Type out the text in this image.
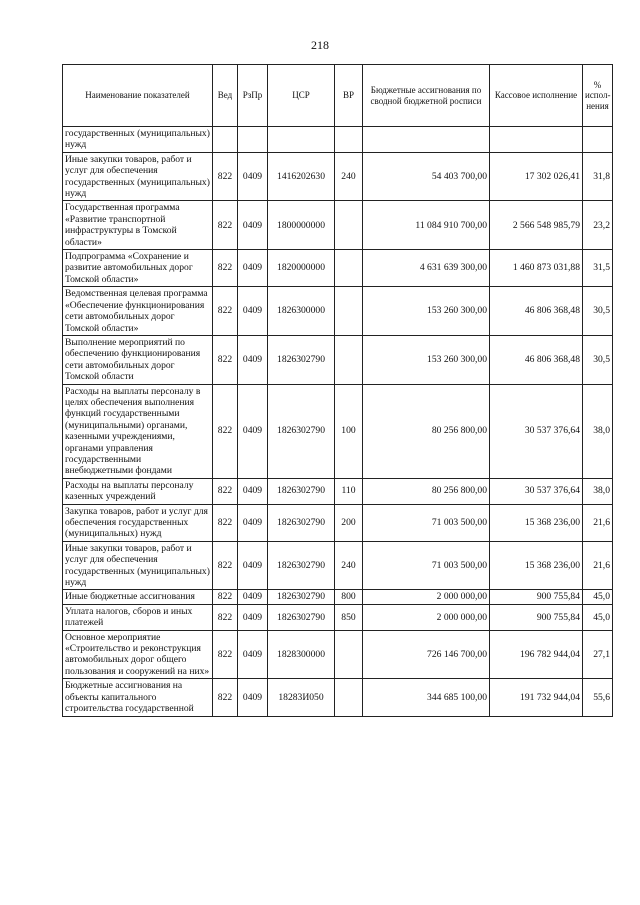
218
Наименование показателей	Вед	РзПр	ЦСР	ВР	Бюджетные ассигнования по сводной бюджетной росписи	Кассовое исполнение	% испол-нения
государственных (муниципальных) нужд							
Иные закупки товаров, работ и услуг для обеспечения государственных (муниципальных) нужд	822	0409	1416202630	240	54 403 700,00	17 302 026,41	31,8
Государственная программа «Развитие транспортной инфраструктуры в Томской области»	822	0409	1800000000		11 084 910 700,00	2 566 548 985,79	23,2
Подпрограмма «Сохранение и развитие автомобильных дорог Томской области»	822	0409	1820000000		4 631 639 300,00	1 460 873 031,88	31,5
Ведомственная целевая программа «Обеспечение функционирования сети автомобильных дорог Томской области»	822	0409	1826300000		153 260 300,00	46 806 368,48	30,5
Выполнение мероприятий по обеспечению функционирования сети автомобильных дорог Томской области	822	0409	1826302790		153 260 300,00	46 806 368,48	30,5
Расходы на выплаты персоналу в целях обеспечения выполнения функций государственными (муниципальными) органами, казенными учреждениями, органами управления государственными внебюджетными фондами	822	0409	1826302790	100	80 256 800,00	30 537 376,64	38,0
Расходы на выплаты персоналу казенных учреждений	822	0409	1826302790	110	80 256 800,00	30 537 376,64	38,0
Закупка товаров, работ и услуг для обеспечения государственных (муниципальных) нужд	822	0409	1826302790	200	71 003 500,00	15 368 236,00	21,6
Иные закупки товаров, работ и услуг для обеспечения государственных (муниципальных) нужд	822	0409	1826302790	240	71 003 500,00	15 368 236,00	21,6
Иные бюджетные ассигнования	822	0409	1826302790	800	2 000 000,00	900 755,84	45,0
Уплата налогов, сборов и иных платежей	822	0409	1826302790	850	2 000 000,00	900 755,84	45,0
Основное мероприятие «Строительство и реконструкция автомобильных дорог общего пользования и сооружений на них»	822	0409	1828300000		726 146 700,00	196 782 944,04	27,1
Бюджетные ассигнования на объекты капитального строительства государственной	822	0409	18283И050		344 685 100,00	191 732 944,04	55,6
